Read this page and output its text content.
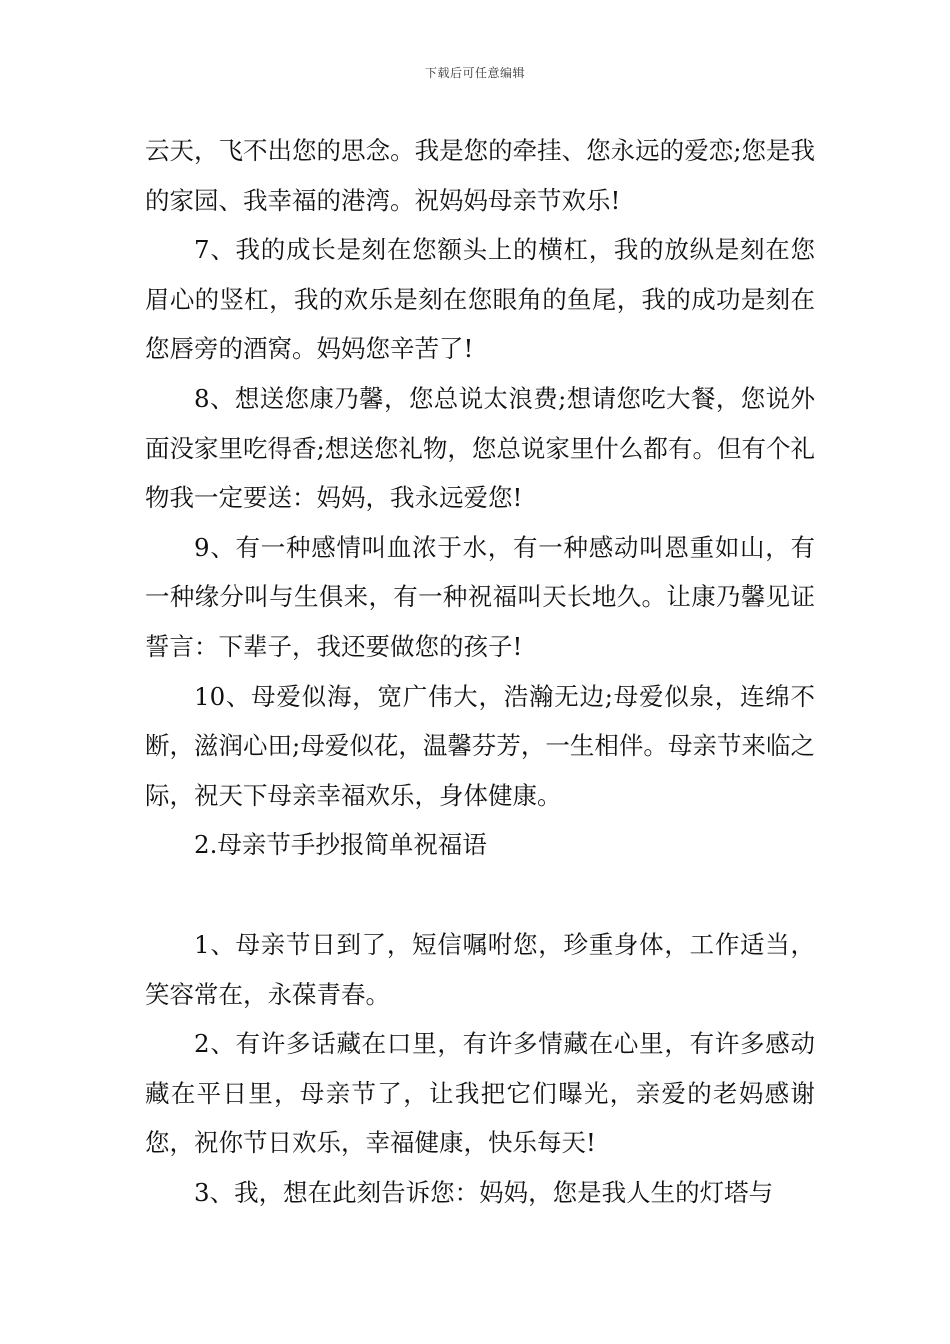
下载后可任意编辑

云天，飞不出您的思念。我是您的牵挂、您永远的爱恋;您是我的家园、我幸福的港湾。祝妈妈母亲节欢乐!

7、我的成长是刻在您额头上的横杠，我的放纵是刻在您眉心的竖杠，我的欢乐是刻在您眼角的鱼尾，我的成功是刻在您唇旁的酒窝。妈妈您辛苦了!

8、想送您康乃馨，您总说太浪费;想请您吃大餐，您说外面没家里吃得香;想送您礼物，您总说家里什么都有。但有个礼物我一定要送：妈妈，我永远爱您!

9、有一种感情叫血浓于水，有一种感动叫恩重如山，有一种缘分叫与生俱来，有一种祝福叫天长地久。让康乃馨见证誓言：下辈子，我还要做您的孩子!

10、母爱似海，宽广伟大，浩瀚无边;母爱似泉，连绵不断，滋润心田;母爱似花，温馨芬芳，一生相伴。母亲节来临之际，祝天下母亲幸福欢乐，身体健康。

2.母亲节手抄报简单祝福语

1、母亲节日到了，短信嘱咐您，珍重身体，工作适当，笑容常在，永葆青春。

2、有许多话藏在口里，有许多情藏在心里，有许多感动藏在平日里，母亲节了，让我把它们曝光，亲爱的老妈感谢您，祝你节日欢乐，幸福健康，快乐每天!

3、我，想在此刻告诉您：妈妈，您是我人生的灯塔与
